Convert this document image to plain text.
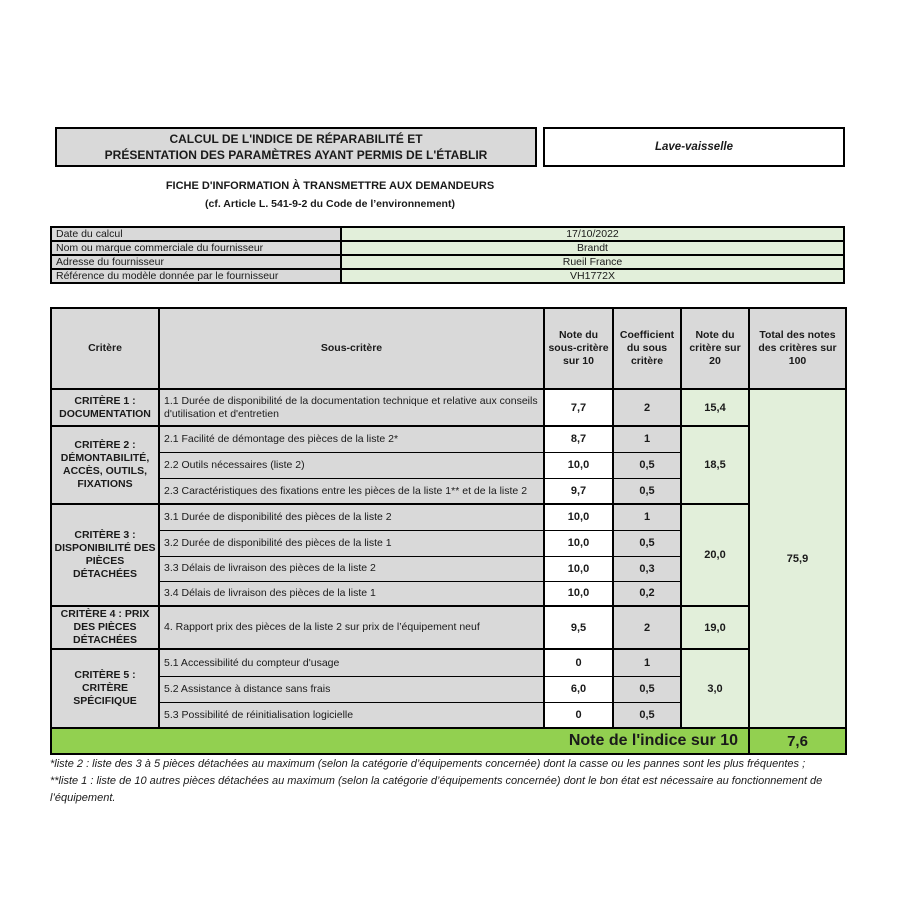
CALCUL DE L'INDICE DE RÉPARABILITÉ ET
PRÉSENTATION DES PARAMÈTRES AYANT PERMIS DE L'ÉTABLIR
Lave-vaisselle
FICHE D'INFORMATION À TRANSMETTRE AUX DEMANDEURS
(cf. Article L. 541-9-2 du Code de l’environnement)
Date du calcul	17/10/2022
Nom ou marque commerciale du fournisseur	Brandt
Adresse du fournisseur	Rueil France
Référence du modèle donnée par le fournisseur	VH1772X
Critère	Sous-critère	Note du sous-critère sur 10	Coefficient du sous critère	Note du critère sur 20	Total des notes des critères sur 100
CRITÈRE 1 : DOCUMENTATION	1.1 Durée de disponibilité de la documentation technique et relative aux conseils d'utilisation et d'entretien	7,7	2	15,4	75,9
CRITÈRE 2 : DÉMONTABILITÉ, ACCÈS, OUTILS, FIXATIONS	2.1 Facilité de démontage des pièces de la liste 2*	8,7	1	18,5	
	2.2 Outils nécessaires (liste 2)	10,0	0,5		
	2.3 Caractéristiques des fixations entre les pièces de la liste 1** et de la liste 2	9,7	0,5		
CRITÈRE 3 : DISPONIBILITÉ DES PIÈCES DÉTACHÉES	3.1 Durée de disponibilité des pièces de la liste 2	10,0	1	20,0	
	3.2 Durée de disponibilité des pièces de la liste 1	10,0	0,5		
	3.3 Délais de livraison des pièces de la liste 2	10,0	0,3		
	3.4 Délais de livraison des pièces de la liste 1	10,0	0,2		
CRITÈRE 4 : PRIX DES PIÈCES DÉTACHÉES	4. Rapport prix des pièces de la liste 2 sur prix de l’équipement neuf	9,5	2	19,0	
CRITÈRE 5 : CRITÈRE SPÉCIFIQUE	5.1 Accessibilité du compteur d'usage	0	1	3,0	
	5.2 Assistance à distance sans frais	6,0	0,5		
	5.3 Possibilité de réinitialisation logicielle	0	0,5		
Note de l'indice sur 10					7,6

*liste 2 : liste des 3 à 5 pièces détachées au maximum (selon la catégorie d’équipements concernée) dont la casse ou les pannes sont les plus fréquentes ;

**liste 1 : liste de 10 autres pièces détachées au maximum (selon la catégorie d’équipements concernée) dont le bon état est nécessaire au fonctionnement de l’équipement.
